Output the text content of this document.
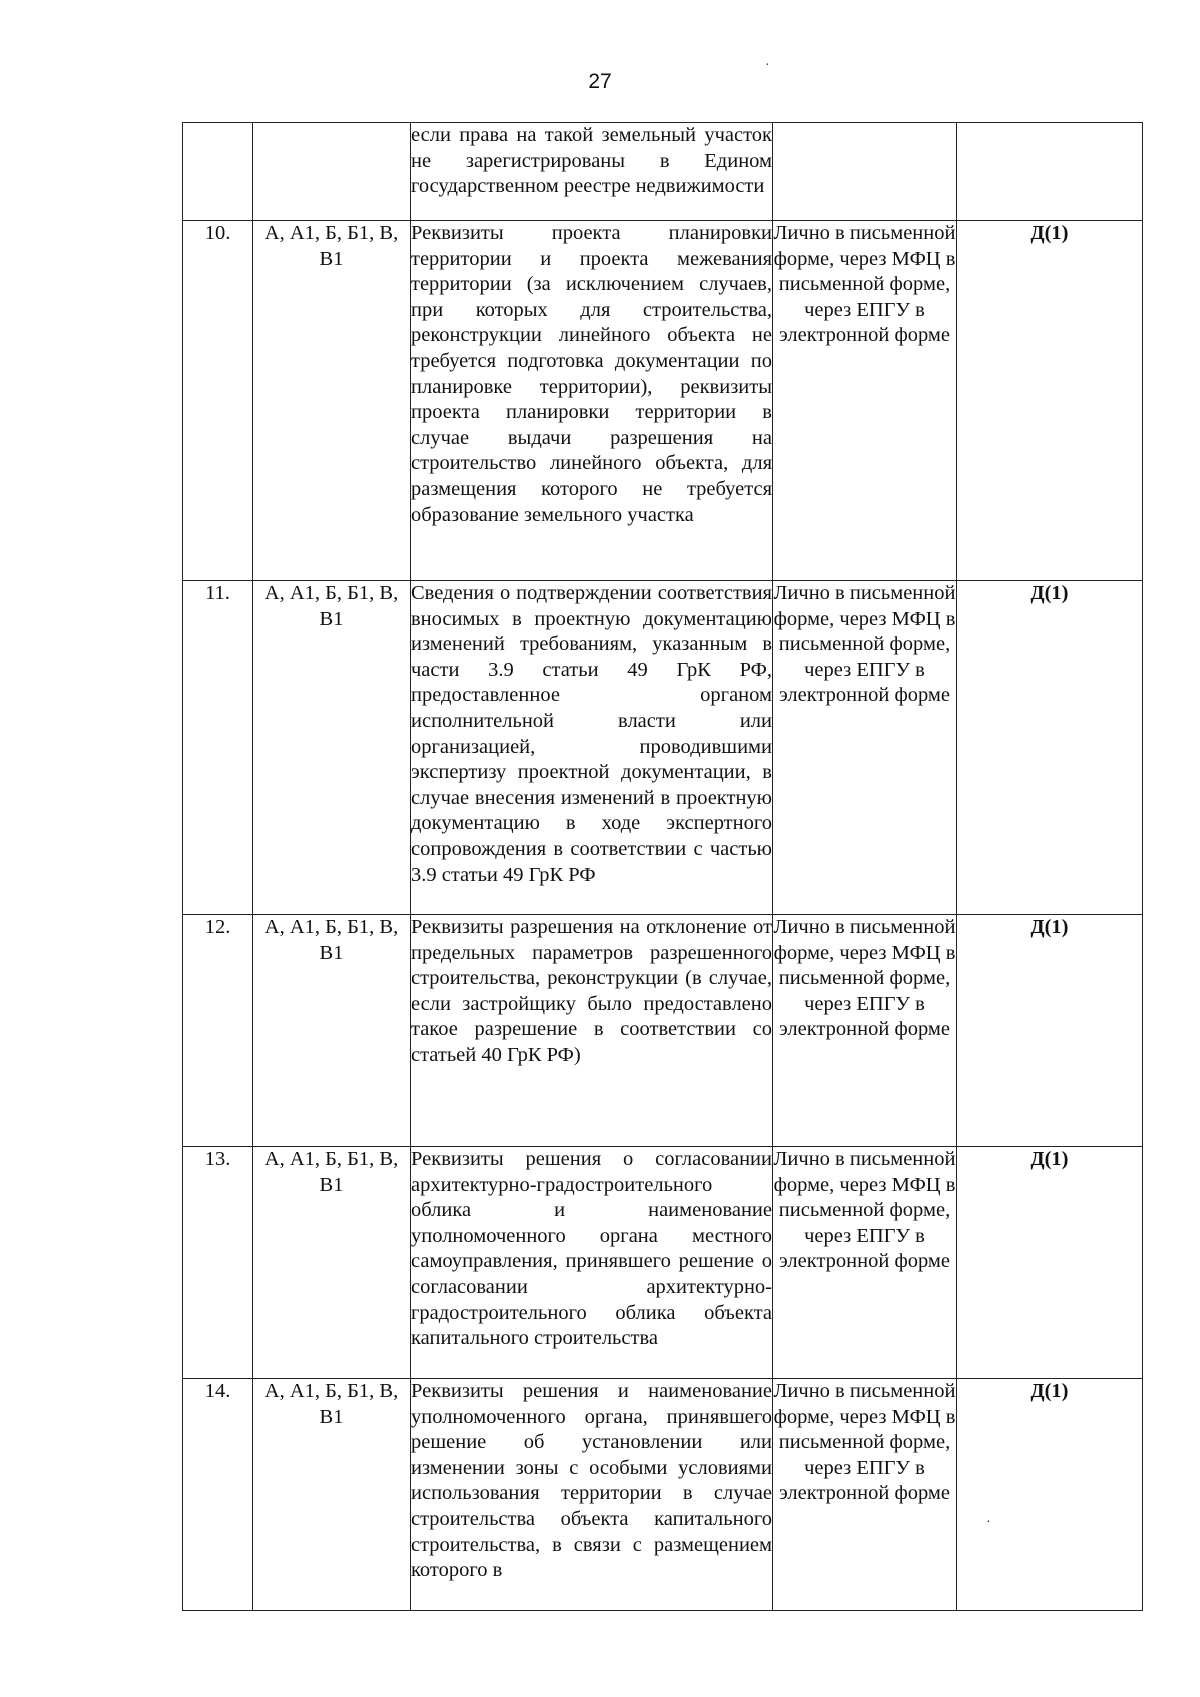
27
		если права на такой земельный участок не зарегистрированы в Едином государственном реестре недвижимости		
10.	А, А1, Б, Б1, В, В1	Реквизиты проекта планировки территории и проекта межевания территории (за исключением случаев, при которых для строительства, реконструкции линейного объекта не требуется подготовка документации по планировке территории), реквизиты проекта планировки территории в случае выдачи разрешения на строительство линейного объекта, для размещения которого не требуется образование земельного участка	Лично в письменной форме, через МФЦ в письменной форме, через ЕПГУ в электронной форме	Д(1)
11.	А, А1, Б, Б1, В, В1	Сведения о подтверждении соответствия вносимых в проектную документацию изменений требованиям, указанным в части 3.9 статьи 49 ГрК РФ, предоставленное органом исполнительной власти или организацией, проводившими экспертизу проектной документации, в случае внесения изменений в проектную документацию в ходе экспертного сопровождения в соответствии с частью 3.9 статьи 49 ГрК РФ	Лично в письменной форме, через МФЦ в письменной форме, через ЕПГУ в электронной форме	Д(1)
12.	А, А1, Б, Б1, В, В1	Реквизиты разрешения на отклонение от предельных параметров разрешенного строительства, реконструкции (в случае, если застройщику было предоставлено такое разрешение в соответствии со статьей 40 ГрК РФ)	Лично в письменной форме, через МФЦ в письменной форме, через ЕПГУ в электронной форме	Д(1)
13.	А, А1, Б, Б1, В, В1	Реквизиты решения о согласовании архитектурно-градостроительного облика и наименование уполномоченного органа местного самоуправления, принявшего решение о согласовании архитектурно-градостроительного облика объекта капитального строительства	Лично в письменной форме, через МФЦ в письменной форме, через ЕПГУ в электронной форме	Д(1)
14.	А, А1, Б, Б1, В, В1	Реквизиты решения и наименование уполномоченного органа, принявшего решение об установлении или изменении зоны с особыми условиями использования территории в случае строительства объекта капитального строительства, в связи с размещением которого в	Лично в письменной форме, через МФЦ в письменной форме, через ЕПГУ в электронной форме	Д(1)
·
·
